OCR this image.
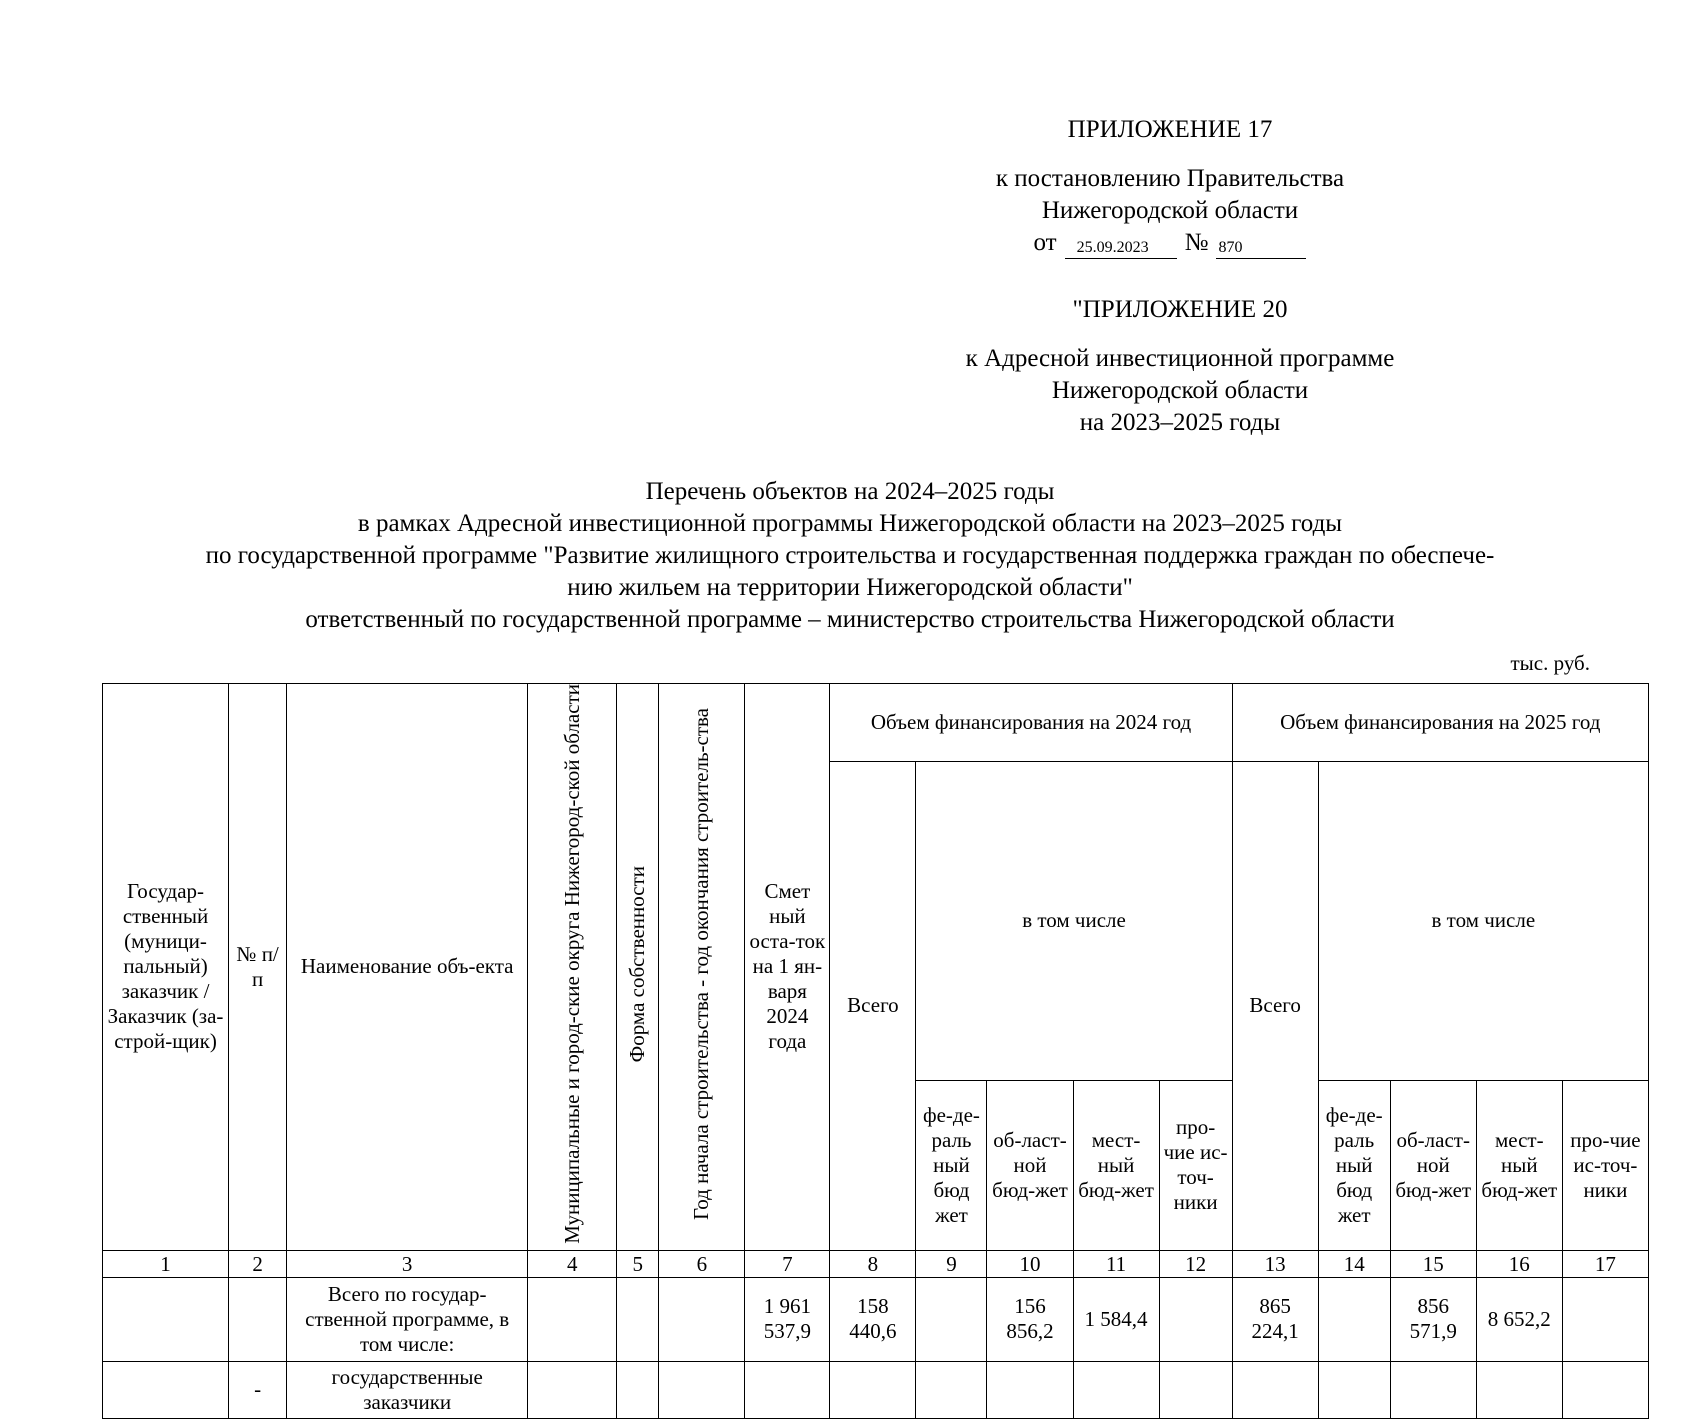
ПРИЛОЖЕНИЕ 17
к постановлению Правительства
Нижегородской области
от	25.09.2023	№ 870
"ПРИЛОЖЕНИЕ 20
к Адресной инвестиционной программе
Нижегородской области
на 2023–2025 годы
Перечень объектов на 2024–2025 годы
в рамках Адресной инвестиционной программы Нижегородской области на 2023–2025 годы
по государственной программе "Развитие жилищного строительства и государственная поддержка граждан по обеспече-
нию жильем на территории Нижегородской области"
ответственный по государственной программе – министерство строительства Нижегородской области
тыс. руб.
Государ-ственный (муници-пальный) заказчик / Заказчик (за-строй-щик)	№ п/п	Наименование объ-екта	Муниципальные и город-ские округа Нижегород-ской области	Форма собственности	Год начала строительства - год окончания строитель-ства	Смет ный оста-ток на 1 ян-варя 2024 года	Объем финансирования на 2024 год					Объем финансирования на 2025 год				
							Всего	в том числе				Всего	в том числе			
								фе-де-раль ный бюд жет	об-ласт-ной бюд-жет	мест-ный бюд-жет	про-чие ис-точ-ники		фе-де-раль ный бюд жет	об-ласт-ной бюд-жет	мест-ный бюд-жет	про-чие ис-точ-ники
1	2	3	4	5	6	7	8	9	10	11	12	13	14	15	16	17
		Всего по государ-ственной программе, в том числе:				1 961 537,9	158 440,6		156 856,2	1 584,4		865 224,1		856 571,9	8 652,2	
	-	государственные заказчики														
